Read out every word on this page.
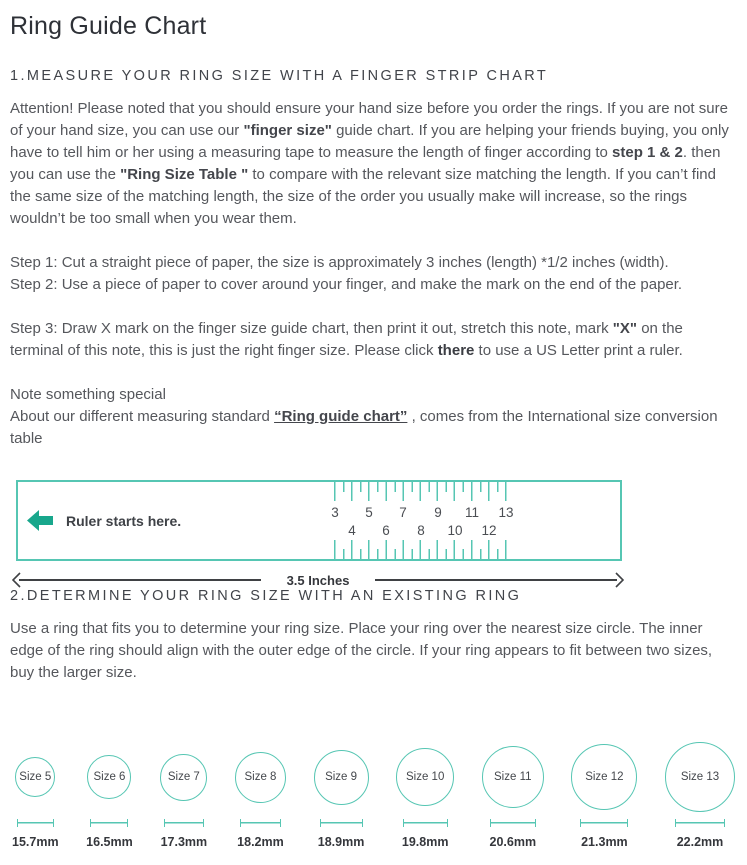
Ring Guide Chart
1.MEASURE YOUR RING SIZE WITH A FINGER STRIP CHART

Attention! Please noted that you should ensure your hand size before you order the rings. If you are not sure of your hand size, you can use our "finger size" guide chart. If you are helping your friends buying, you only have to tell him or her using a measuring tape to measure the length of finger according to step 1 & 2. then you can use the "Ring Size Table " to compare with the relevant size matching the length. If you can’t find the same size of the matching length, the size of the order you usually make will increase, so the rings wouldn’t be too small when you wear them.

Step 1: Cut a straight piece of paper, the size is approximately 3 inches (length) *1/2 inches (width).
Step 2: Use a piece of paper to cover around your finger, and make the mark on the end of the paper.

Step 3: Draw X mark on the finger size guide chart, then print it out, stretch this note, mark "X" on the terminal of this note, this is just the right finger size. Please click there to use a US Letter print a ruler.

Note something special
About our different measuring standard “Ring guide chart” , comes from the International size conversion table

Ruler starts here.	3 5 7 9 11 13
4 6 8 10 12
3.5 Inches
2.DETERMINE YOUR RING SIZE WITH AN EXISTING RING

Use a ring that fits you to determine your ring size. Place your ring over the nearest size circle. The inner edge of the ring should align with the outer edge of the circle. If your ring appears to fit between two sizes, buy the larger size.

Size 5
15.7mm
Size 6
16.5mm
Size 7
17.3mm
Size 8
18.2mm
Size 9
18.9mm
Size 10
19.8mm
Size 11
20.6mm
Size 12
21.3mm
Size 13
22.2mm
